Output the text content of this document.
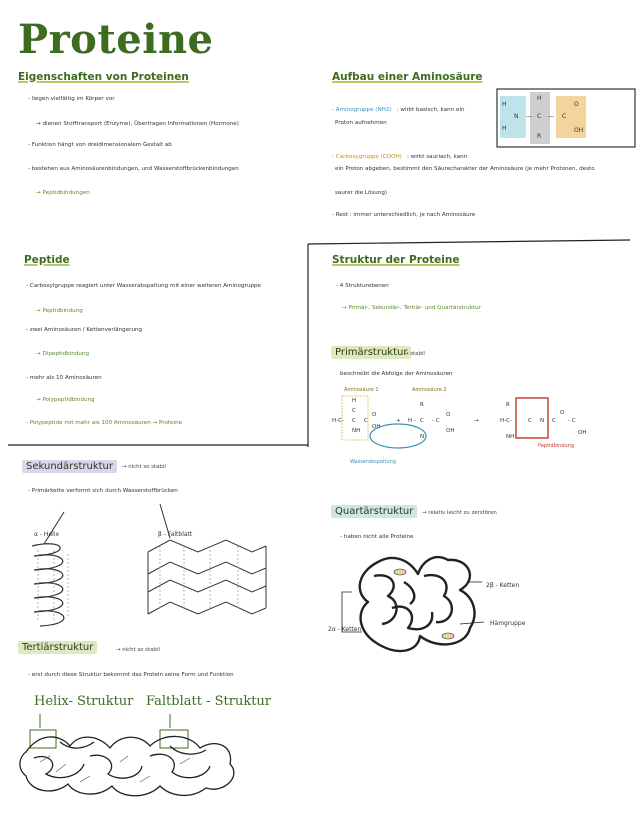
Proteine
Eigenschaften von Proteinen
- liegen vielfältig im Körper vor
→ dienen Stofftransport (Enzyme), Übertragen Informationen (Hormone)
- Funktion hängt von dreidimensionalem Gestalt ab
- bestehen aus Aminosäurenbindungen, und Wasserstoffbrückenbindungen
→ Peptidbindungen
Aufbau einer Aminosäure
- Aminogruppe (NH2) : wirkt basisch, kann ein
Proton aufnehmen
- Carboxygruppe (COOH) : wirkt sauriach, kann
ein Proton abgeben, bestimmt den Säurecharakter der Aminosäure (je mehr Protonen, desto
saurer die Lösung)
- Rest : immer unterschiedlich, je nach Aminosäure
H
N
H
—
H
C
R
— C
O
OH
Peptide
- Carboxylgruppe reagiert unter Wasserabspaltung mit einer weiteren Aminogruppe
→ Peptidbindung
- zwei Aminosäuren / Kettenverlängerung
→ Dipeptidbindung
- mehr als 10 Aminosäuren
→ Polypeptidbindung
- Polypeptide mit mehr als 100 Aminosäuren → Proteine
Struktur der Proteine
- 4 Strukturebenen
→ Primär-, Sekundär-, Tertiär- und Quartärstruktur
Primärstruktur
→ stabil
beschreibt die Abfolge der Aminosäuren
Aminosäure 1	Aminosäure 2
Wasserabspaltung
Peptidbindung
H
C
C
NH
H-C-	C
O
OH
+
R
H - C - C
O
OH
N
→
R
H-C-
NH
C N C
O
- C
OH
Sekundärstruktur	→ nicht so stabil
- Primärkette verformt sich durch Wasserstoffbrücken
α - Helix	β - Faltblatt
Quartärstruktur	→ relativ leicht zu zerstören
- haben nicht alle Proteine
2β - Ketten
2α - Ketten
Hämgruppe
Tertiärstruktur	→ nicht so stabil
- erst durch diese Struktur bekommt das Protein seine Form und Funktion
Helix- Struktur Faltblatt - Struktur
